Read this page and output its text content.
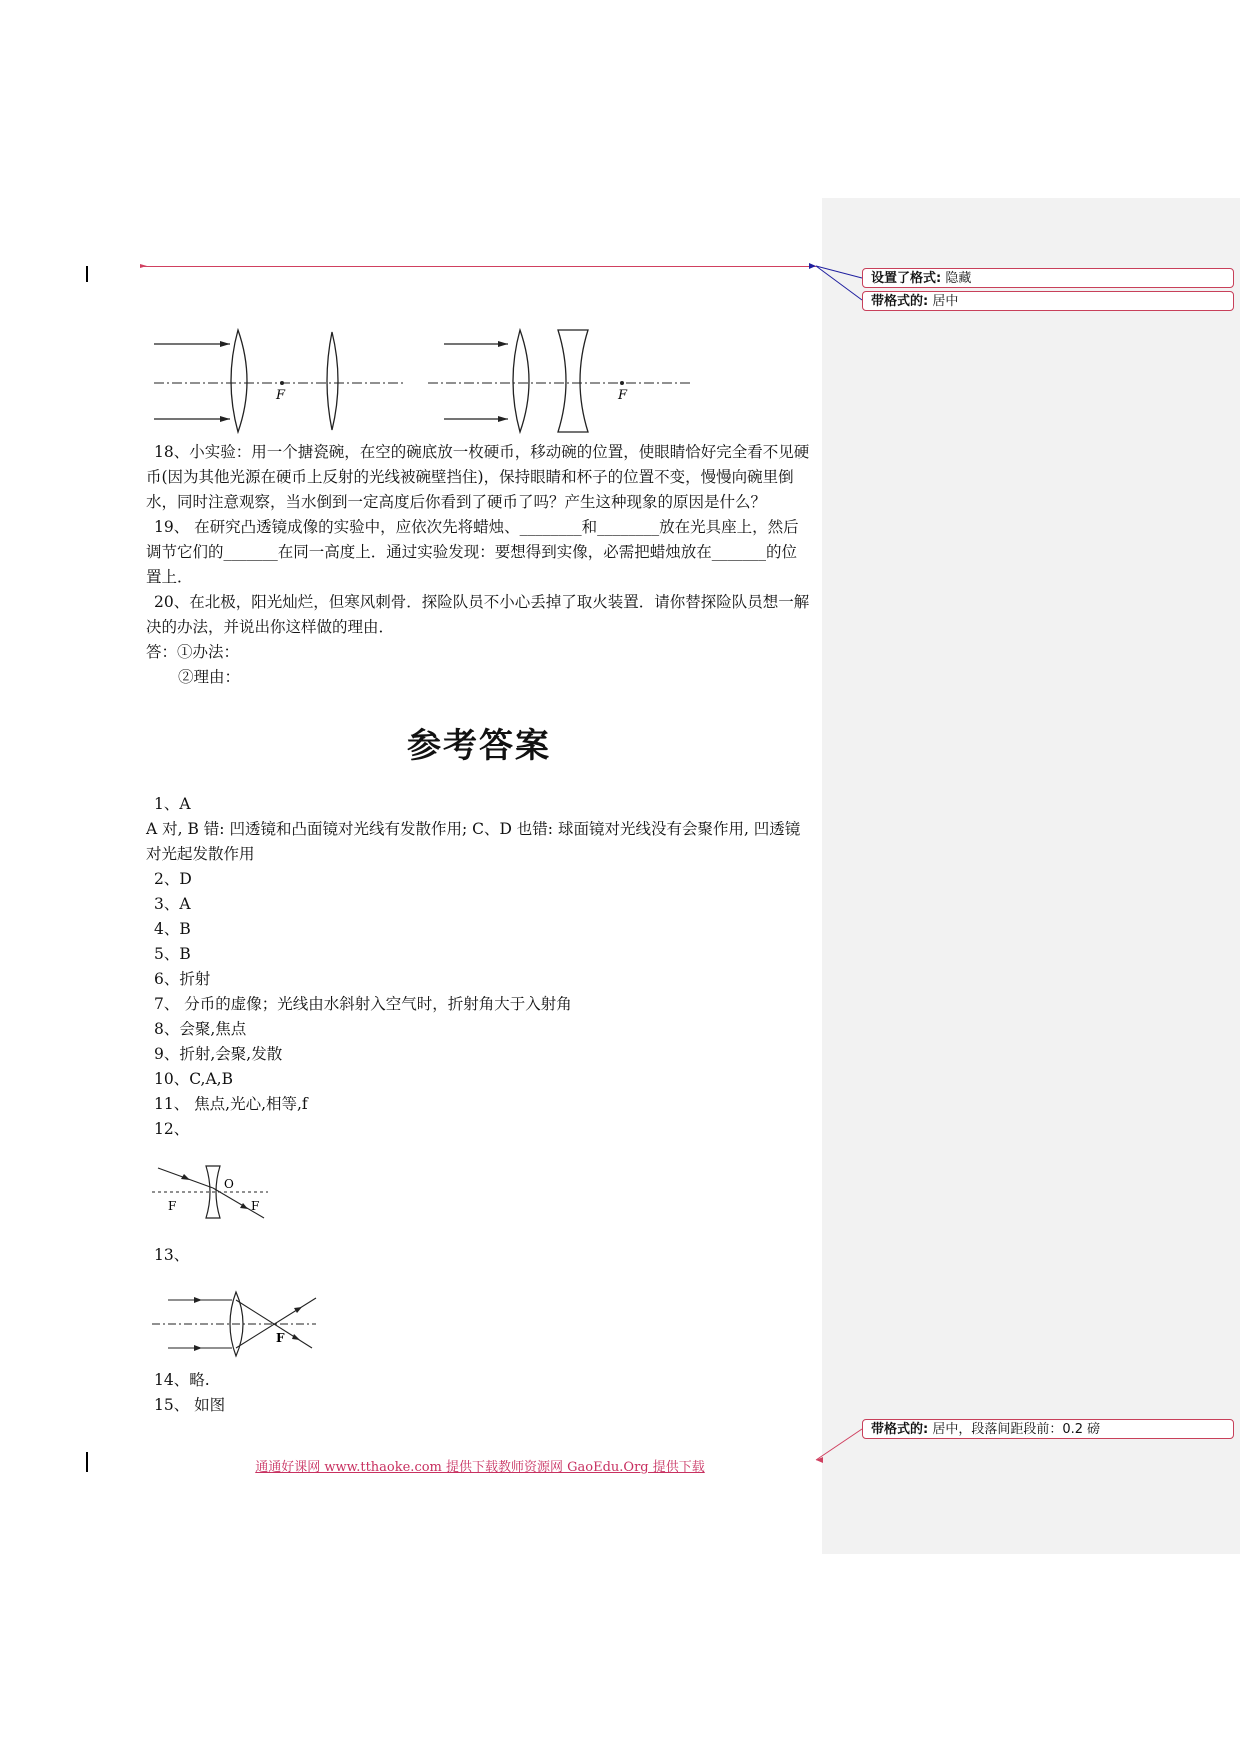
设置了格式: 隐藏
带格式的: 居中
带格式的: 居中，段落间距段前：0.2 磅
F	F

18、小实验：用一个搪瓷碗，在空的碗底放一枚硬币，移动碗的位置，使眼睛恰好完全看不见硬币(因为其他光源在硬币上反射的光线被碗壁挡住)，保持眼睛和杯子的位置不变，慢慢向碗里倒水，同时注意观察，当水倒到一定高度后你看到了硬币了吗？产生这种现象的原因是什么？

19、 在研究凸透镜成像的实验中，应依次先将蜡烛、________和________放在光具座上，然后调节它们的_______在同一高度上．通过实验发现：要想得到实像，必需把蜡烛放在_______的位置上．

20、在北极，阳光灿烂，但寒风刺骨．探险队员不小心丢掉了取火装置．请你替探险队员想一解决的办法，并说出你这样做的理由．

答：①办法：

②理由：

参考答案

1、A

A 对, B 错: 凹透镜和凸面镜对光线有发散作用; C、D 也错: 球面镜对光线没有会聚作用, 凹透镜对光起发散作用

2、D

3、A

4、B

5、B

6、折射

7、 分币的虚像；光线由水斜射入空气时，折射角大于入射角

8、会聚,焦点

9、折射,会聚,发散

10、C,A,B

11、 焦点,光心,相等,f

12、

O
F	F

13、

F

14、略.

15、 如图

通通好课网 www.tthaoke.com 提供下载教师资源网 GaoEdu.Org 提供下载
